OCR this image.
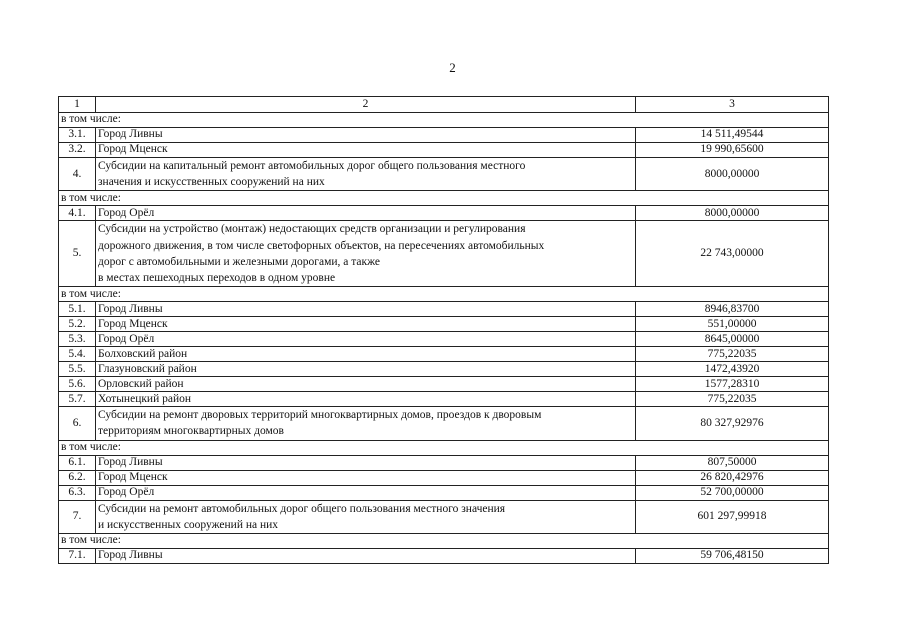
2
1	2	3
в том числе:		
3.1.	Город Ливны	14 511,49544
3.2.	Город Мценск	19 990,65600
4.	Субсидии на капитальный ремонт автомобильных дорог общего пользования местного
значения и искусственных сооружений на них	8000,00000
в том числе:		
4.1.	Город Орёл	8000,00000
5.	Субсидии на устройство (монтаж) недостающих средств организации и регулирования
дорожного движения, в том числе светофорных объектов, на пересечениях автомобильных
дорог с автомобильными и железными дорогами, а также
в местах пешеходных переходов в одном уровне	22 743,00000
в том числе:		
5.1.	Город Ливны	8946,83700
5.2.	Город Мценск	551,00000
5.3.	Город Орёл	8645,00000
5.4.	Болховский район	775,22035
5.5.	Глазуновский район	1472,43920
5.6.	Орловский район	1577,28310
5.7.	Хотынецкий район	775,22035
6.	Субсидии на ремонт дворовых территорий многоквартирных домов, проездов к дворовым
территориям многоквартирных домов	80 327,92976
в том числе:		
6.1.	Город Ливны	807,50000
6.2.	Город Мценск	26 820,42976
6.3.	Город Орёл	52 700,00000
7.	Субсидии на ремонт автомобильных дорог общего пользования местного значения
и искусственных сооружений на них	601 297,99918
в том числе:		
7.1.	Город Ливны	59 706,48150
